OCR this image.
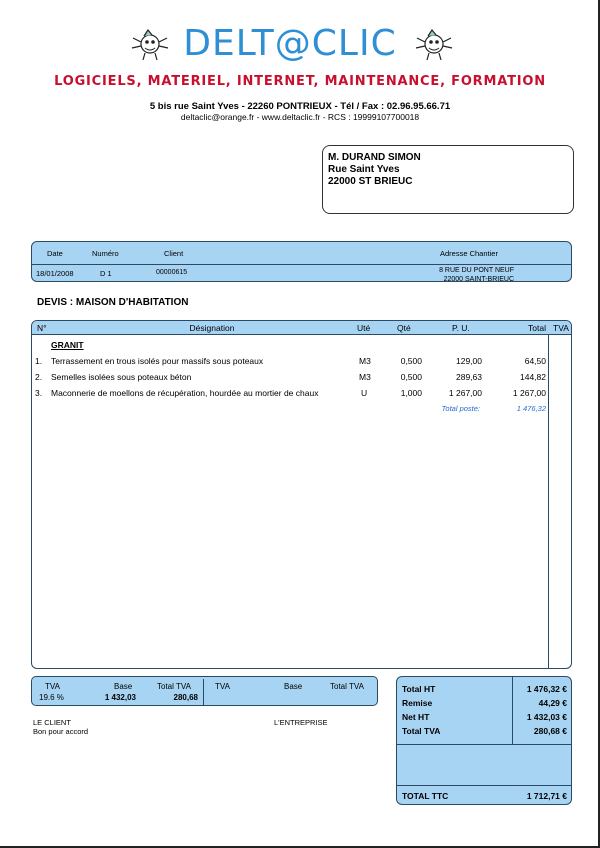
DELT@CLIC
LOGICIELS, MATERIEL, INTERNET, MAINTENANCE, FORMATION
5 bis rue Saint Yves - 22260 PONTRIEUX - Tél / Fax : 02.96.95.66.71
deltaclic@orange.fr - www.deltaclic.fr - RCS : 19999107700018
M. DURAND SIMON
Rue Saint Yves
22000 ST BRIEUC
Date	Numéro	Client	Adresse Chantier
18/01/2008	D 1	00000615	8 RUE DU PONT NEUF
22000 SAINT-BRIEUC
DEVIS : MAISON D'HABITATION
N°	Désignation	Uté	Qté	P. U.	Total TVA
GRANIT
1. Terrassement en trous isolés pour massifs sous poteaux	M3	0,500	129,00	64,50
2. Semelles isolées sous poteaux béton	M3	0,500	289,63	144,82
3. Maconnerie de moellons de récupération, hourdée au mortier de chaux	U	1,000	1 267,00	1 267,00
Total poste:	1 476,32
TVA	Base	Total TVA	TVA	Base	Total TVA
19.6 %	1 432,03	280,68
LE CLIENT
Bon pour accord
L'ENTREPRISE
Total HT	1 476,32 €
Remise	44,29 €
Net HT	1 432,03 €
Total TVA	280,68 €
TOTAL TTC	1 712,71 €
